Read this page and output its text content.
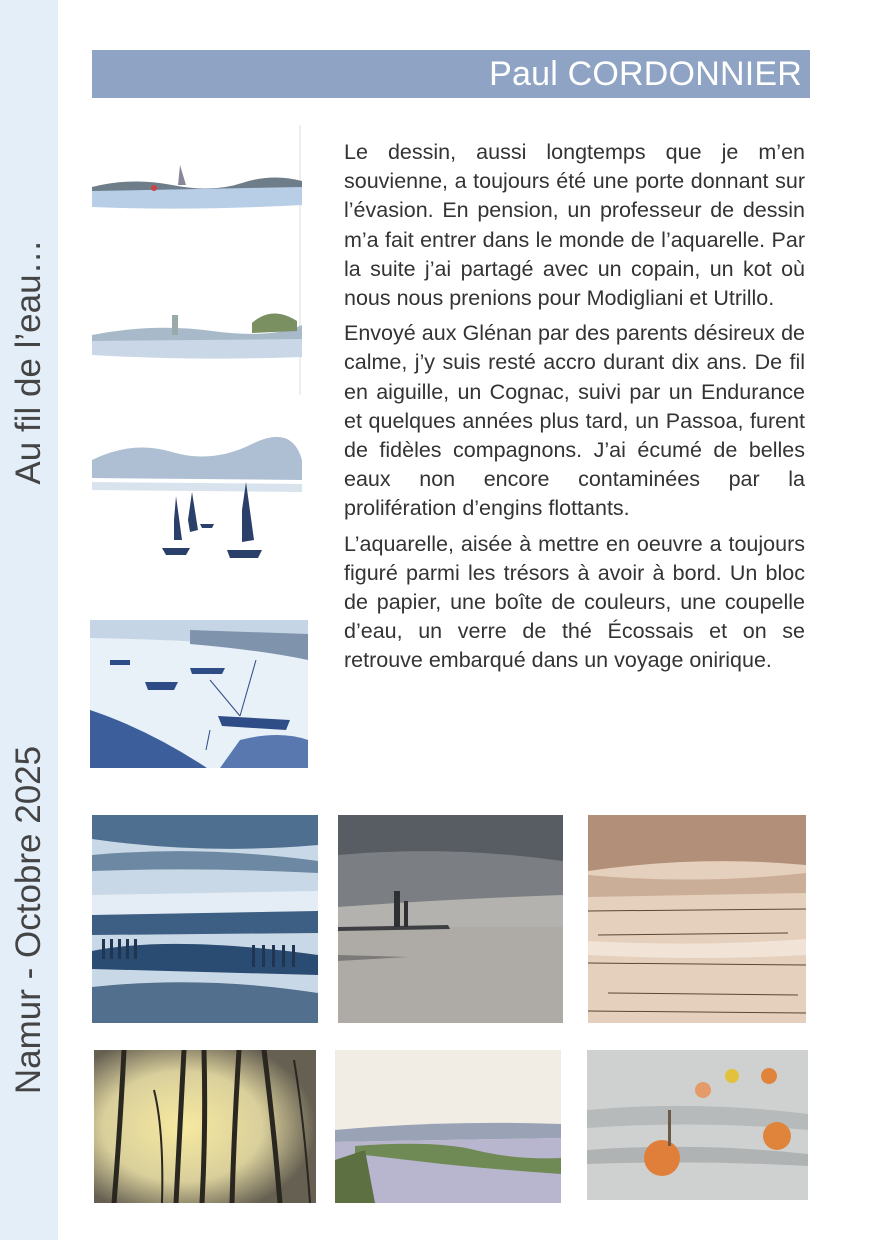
Au fil de l’eau…
Namur - Octobre 2025
Paul CORDONNIER

Le dessin, aussi longtemps que je m’en souvienne, a toujours été une porte donnant sur l’évasion. En pension, un professeur de dessin m’a fait entrer dans le monde de l’aquarelle. Par la suite j’ai partagé avec un copain, un kot où nous nous prenions pour Modigliani et Utrillo.

Envoyé aux Glénan par des parents désireux de calme, j’y suis resté accro durant dix ans. De fil en aiguille, un Cognac, suivi par un Endurance et quelques années plus tard, un Passoa, furent de fidèles compagnons. J’ai écumé de belles eaux non encore contaminées par la prolifération d’engins flottants.

L’aquarelle, aisée à mettre en oeuvre a toujours figuré parmi les trésors à avoir à bord. Un bloc de papier, une boîte de couleurs, une coupelle d’eau, un verre de thé Écossais et on se retrouve embarqué dans un voyage onirique.
